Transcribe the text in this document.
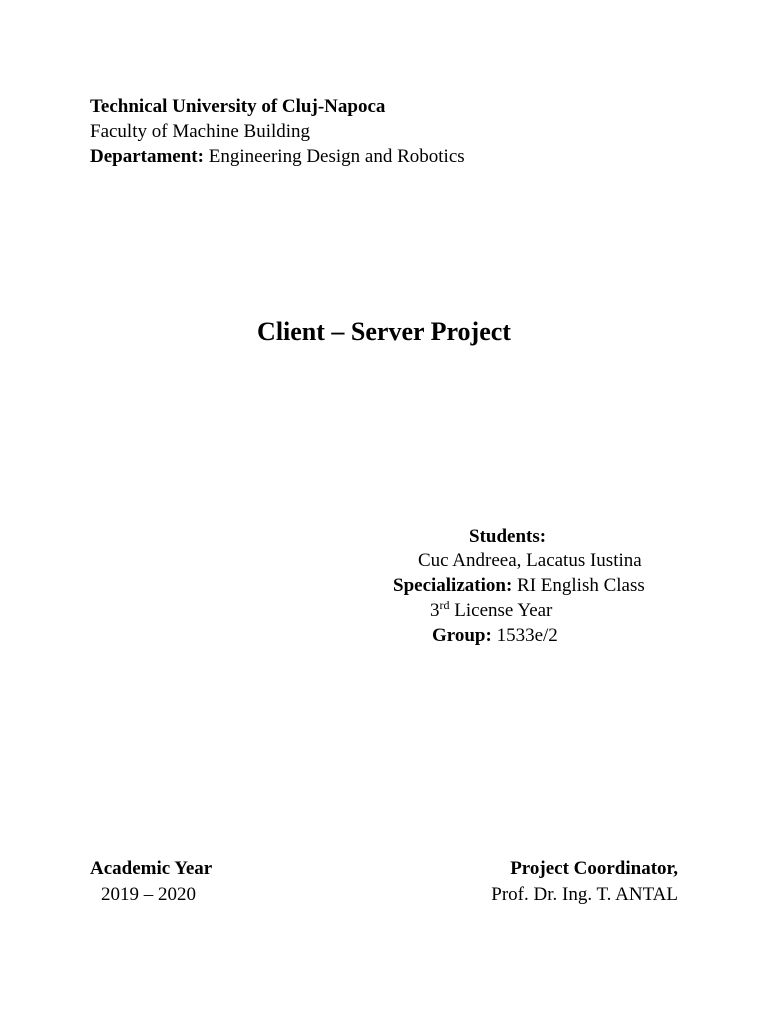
Technical University of Cluj-Napoca
Faculty of Machine Building
Departament: Engineering Design and Robotics
Client – Server Project
Students:
Cuc Andreea, Lacatus Iustina
Specialization: RI English Class
3rd License Year
Group: 1533e/2
Academic Year
2019 – 2020
Project Coordinator,
Prof. Dr. Ing. T. ANTAL
